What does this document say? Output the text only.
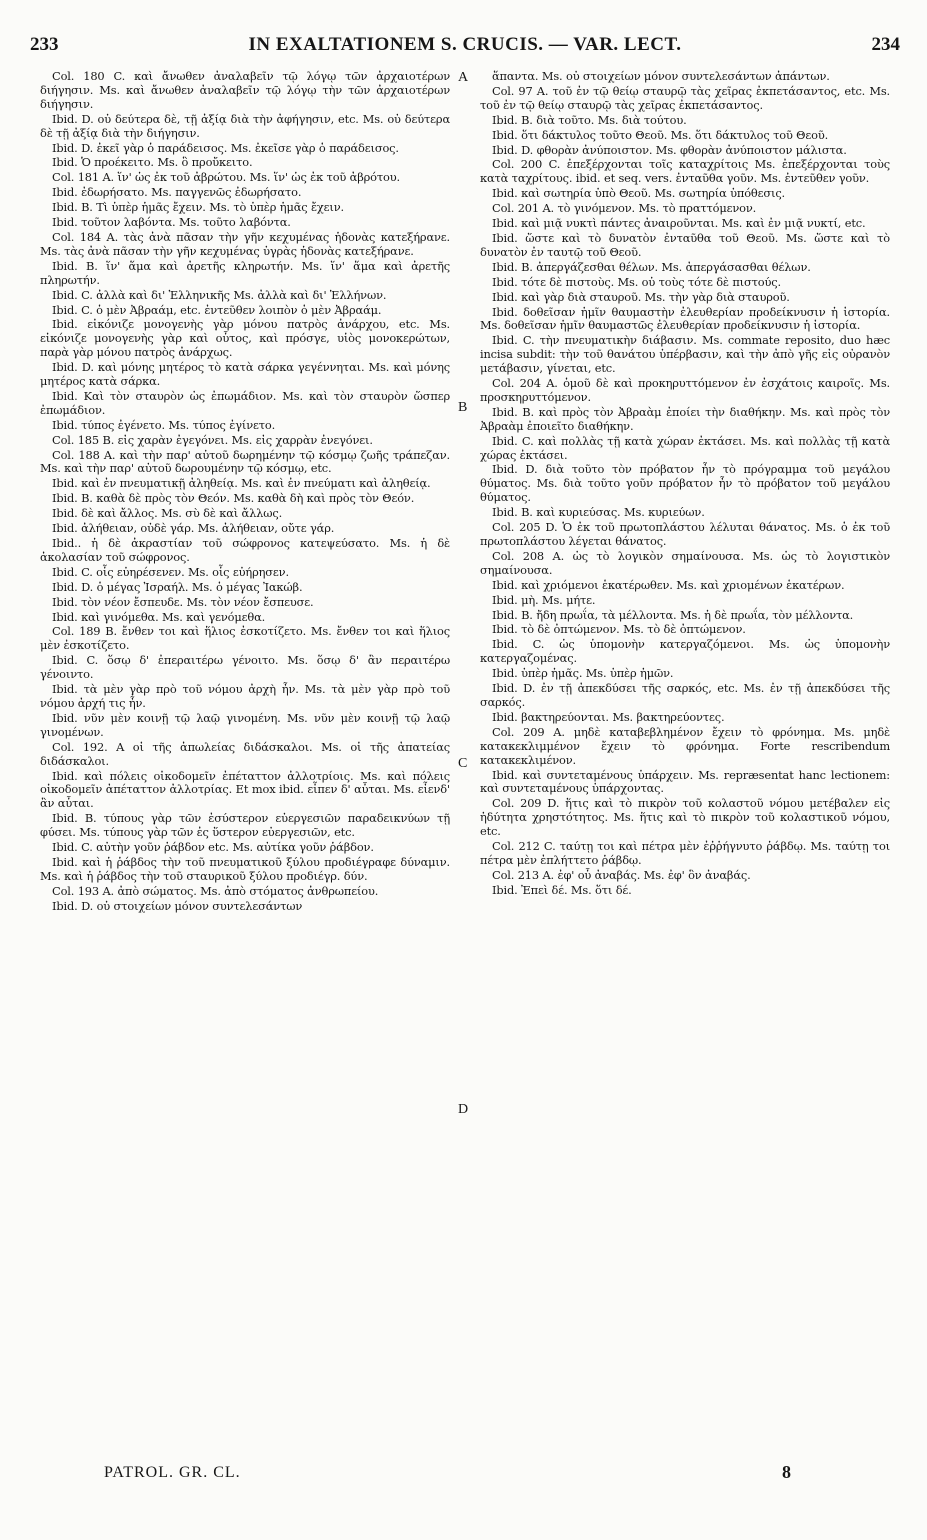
233	IN EXALTATIONEM S. CRUCIS. — VAR. LECT.	234

Col. 180 C. καὶ ἄνωθεν ἀναλαβεῖν τῷ λόγῳ τῶν ἀρχαιοτέρων διήγησιν. Ms. καὶ ἄνωθεν ἀναλαβεῖν τῷ λόγῳ τὴν τῶν ἀρχαιοτέρων διήγησιν.

Ibid. D. οὐ δεύτερα δὲ, τῇ ἀξίᾳ διὰ τὴν ἀφήγησιν, etc. Ms. οὐ δεύτερα δὲ τῇ ἀξίᾳ διὰ τὴν διήγησιν.

Ibid. D. ἐκεῖ γὰρ ὁ παράδεισος. Ms. ἐκεῖσε γὰρ ὁ παράδεισος.

Ibid. Ὁ προέκειτο. Ms. ὃ προὔκειτο.

Col. 181 A. ἵν' ὡς ἐκ τοῦ ἀβρώτου. Ms. ἵν' ὡς ἐκ τοῦ ἀβρότου.

Ibid. ἐδωρήσατο. Ms. παγγενῶς ἐδωρήσατο.

Ibid. B. Τὶ ὑπὲρ ἡμᾶς ἔχειν. Ms. τὸ ὑπὲρ ἡμᾶς ἔχειν.

Ibid. τοῦτον λαβόντα. Ms. τοῦτο λαβόντα.

Col. 184 A. τὰς ἀνὰ πᾶσαν τὴν γῆν κεχυμένας ἡδονὰς κατεξήρανε. Ms. τὰς ἀνὰ πᾶσαν τὴν γῆν κεχυμένας ὑγρὰς ἡδονὰς κατεξήρανε.

Ibid. B. ἵν' ἅμα καὶ ἀρετῆς κληρωτήν. Ms. ἵν' ἅμα καὶ ἀρετῆς πληρωτήν.

Ibid. C. ἀλλὰ καὶ δι' Ἑλληνικῆς Ms. ἀλλὰ καὶ δι' Ἑλλήνων.

Ibid. C. ὁ μὲν Ἀβραάμ, etc. ἐντεῦθεν λοιπὸν ὁ μὲν Ἀβραάμ.

Ibid. εἰκόνιζε μονογενὴς γὰρ μόνου πατρὸς ἀνάρχου, etc. Ms. εἰκόνιζε μονογενὴς γὰρ καὶ οὗτος, καὶ πρόσγε, υἱὸς μονοκερώτων, παρὰ γὰρ μόνου πατρὸς ἀνάρχως.

Ibid. D. καὶ μόνης μητέρος τὸ κατὰ σάρκα γεγέννηται. Ms. καὶ μόνης μητέρος κατὰ σάρκα.

Ibid. Καὶ τὸν σταυρὸν ὡς ἐπωμάδιον. Ms. καὶ τὸν σταυρὸν ὥσπερ ἐπωμάδιον.

Ibid. τύπος ἐγένετο. Ms. τύπος ἐγίνετο.

Col. 185 B. εἰς χαρὰν ἐγεγόνει. Ms. εἰς χαρρὰν ἐνεγόνει.

Col. 188 A. καὶ τὴν παρ' αὐτοῦ δωρημένην τῷ κόσμῳ ζωῆς τράπεζαν. Ms. καὶ τὴν παρ' αὐτοῦ δωρουμένην τῷ κόσμῳ, etc.

Ibid. καὶ ἐν πνευματικῇ ἀληθείᾳ. Ms. καὶ ἐν πνεύματι καὶ ἀληθείᾳ.

Ibid. B. καθὰ δὲ πρὸς τὸν Θεόν. Ms. καθὰ δὴ καὶ πρὸς τὸν Θεόν.

Ibid. δὲ καὶ ἄλλος. Ms. σὺ δὲ καὶ ἄλλως.

Ibid. ἀλήθειαν, οὐδὲ γάρ. Ms. ἀλήθειαν, οὔτε γάρ.

Ibid.. ἡ δὲ ἀκραστίαν τοῦ σώφρονος κατεψεύσατο. Ms. ἡ δὲ ἀκολασίαν τοῦ σώφρονος.

Ibid. C. οἷς εὐηρέσενεν. Ms. οἷς εὐήρησεν.

Ibid. D. ὁ μέγας Ἰσραήλ. Ms. ὁ μέγας Ἰακώβ.

Ibid. τὸν νέον ἔσπευδε. Ms. τὸν νέον ἔσπευσε.

Ibid. καὶ γινόμεθα. Ms. καὶ γενόμεθα.

Col. 189 B. ἔνθεν τοι καὶ ἥλιος ἐσκοτίζετο. Ms. ἔνθεν τοι καὶ ἥλιος μὲν ἐσκοτίζετο.

Ibid. C. ὅσῳ δ' ἐπεραιτέρω γένοιτο. Ms. ὅσῳ δ' ἂν περαιτέρω γένοιντο.

Ibid. τὰ μὲν γὰρ πρὸ τοῦ νόμου ἀρχὴ ἦν. Ms. τὰ μὲν γὰρ πρὸ τοῦ νόμου ἀρχή τις ἦν.

Ibid. νῦν μὲν κοινῇ τῷ λαῷ γινομένη. Ms. νῦν μὲν κοινῇ τῷ λαῷ γινομένων.

Col. 192. A οἱ τῆς ἀπωλείας διδάσκαλοι. Ms. οἱ τῆς ἀπατείας διδάσκαλοι.

Ibid. καὶ πόλεις οἰκοδομεῖν ἐπέταττον ἀλλοτρίοις. Ms. καὶ πόλεις οἰκοδομεῖν ἀπέταττον ἀλλοτρίας. Et mox ibid. εἶπεν δ' αὖται. Ms. εἶενδ' ἂν αὖται.

Ibid. B. τύπους γὰρ τῶν ἐσύστερον εὐεργεσιῶν παραδεικνύων τῇ φύσει. Ms. τύπους γὰρ τῶν ἐς ὕστερον εὐεργεσιῶν, etc.

Ibid. C. αὐτὴν γοῦν ῥάβδον etc. Ms. αὐτίκα γοῦν ῥάβδον.

Ibid. καὶ ἡ ῥάβδος τὴν τοῦ πνευματικοῦ ξύλου προδιέγραφε δύναμιν. Ms. καὶ ἡ ῥάβδος τὴν τοῦ σταυρικοῦ ξύλου προδιέγρ. δύν.

Col. 193 A. ἀπὸ σώματος. Ms. ἀπὸ στόματος ἀνθρωπείου.

Ibid. D. οὐ στοιχείων μόνον συντελεσάντων

ἅπαντα. Ms. οὐ στοιχείων μόνον συντελεσάντων ἀπάντων.

Col. 97 A. τοῦ ἐν τῷ θείῳ σταυρῷ τὰς χεῖρας ἐκπετάσαντος, etc. Ms. τοῦ ἐν τῷ θείῳ σταυρῷ τὰς χεῖρας ἐκπετάσαντος.

Ibid. B. διὰ τοῦτο. Ms. διὰ τούτου.

Ibid. ὅτι δάκτυλος τοῦτο Θεοῦ. Ms. ὅτι δάκτυλος τοῦ Θεοῦ.

Ibid. D. φθορὰν ἀνύποιστον. Ms. φθορὰν ἀνύποιστον μάλιστα.

Col. 200 C. ἐπεξέρχονται τοῖς καταχρίτοις Ms. ἐπεξέρχονται τοὺς κατὰ ταχρίτους. ibid. et seq. vers. ἐνταῦθα γοῦν. Ms. ἐντεῦθεν γοῦν.

Ibid. καὶ σωτηρία ὑπὸ Θεοῦ. Ms. σωτηρία ὑπόθεσις.

Col. 201 A. τὸ γινόμενον. Ms. τὸ πραττόμενον.

Ibid. καὶ μιᾷ νυκτὶ πάντες ἀναιροῦνται. Ms. καὶ ἐν μιᾷ νυκτί, etc.

Ibid. ὥστε καὶ τὸ δυνατὸν ἐνταῦθα τοῦ Θεοῦ. Ms. ὥστε καὶ τὸ δυνατὸν ἐν ταυτῷ τοῦ Θεοῦ.

Ibid. B. ἀπεργάζεσθαι θέλων. Ms. ἀπεργάσασθαι θέλων.

Ibid. τότε δὲ πιστοὺς. Ms. οὐ τοὺς τότε δὲ πιστούς.

Ibid. καὶ γὰρ διὰ σταυροῦ. Ms. τὴν γὰρ διὰ σταυροῦ.

Ibid. δοθεῖσαν ἡμῖν θαυμαστὴν ἐλευθερίαν προδείκνυσιν ἡ ἱστορία. Ms. δοθεῖσαν ἡμῖν θαυμαστῶς ἐλευθερίαν προδείκνυσιν ἡ ἱστορία.

Ibid. C. τὴν πνευματικὴν διάβασιν. Ms. commate reposito, duo hæc incisa subdit: τὴν τοῦ θανάτου ὑπέρβασιν, καὶ τὴν ἀπὸ γῆς εἰς οὐρανὸν μετάβασιν, γίνεται, etc.

Col. 204 A. ὁμοῦ δὲ καὶ προκηρυττόμενον ἐν ἐσχάτοις καιροῖς. Ms. προσκηρυττόμενον.

Ibid. B. καὶ πρὸς τὸν Ἀβραὰμ ἐποίει τὴν διαθήκην. Ms. καὶ πρὸς τὸν Ἀβραὰμ ἐποιεῖτο διαθήκην.

Ibid. C. καὶ πολλὰς τῇ κατὰ χώραν ἐκτάσει. Ms. καὶ πολλὰς τῇ κατὰ χώρας ἐκτάσει.

Ibid. D. διὰ τοῦτο τὸν πρόβατον ἦν τὸ πρόγραμμα τοῦ μεγάλου θύματος. Ms. διὰ τοῦτο γοῦν πρόβατον ἦν τὸ πρόβατον τοῦ μεγάλου θύματος.

Ibid. B. καὶ κυριεύσας. Ms. κυριεύων.

Col. 205 D. Ὁ ἐκ τοῦ πρωτοπλάστου λέλυται θάνατος. Ms. ὁ ἐκ τοῦ πρωτοπλάστου λέγεται θάνατος.

Col. 208 A. ὡς τὸ λογικὸν σημαίνουσα. Ms. ὡς τὸ λογιστικὸν σημαίνουσα.

Ibid. καὶ χριόμενοι ἑκατέρωθεν. Ms. καὶ χριομένων ἑκατέρων.

Ibid. μὴ. Ms. μήτε.

Ibid. B. ἤδη πρωΐα, τὰ μέλλοντα. Ms. ἡ δὲ πρωΐα, τὸν μέλλοντα.

Ibid. τὸ δὲ ὀπτώμενον. Ms. τὸ δὲ ὀπτώμενον.

Ibid. C. ὡς ὑπομονὴν κατεργαζόμενοι. Ms. ὡς ὑπομονὴν κατεργαζομένας.

Ibid. ὑπὲρ ἡμᾶς. Ms. ὑπὲρ ἡμῶν.

Ibid. D. ἐν τῇ ἀπεκδύσει τῆς σαρκός, etc. Ms. ἐν τῇ ἀπεκδύσει τῆς σαρκός.

Ibid. βακτηρεύονται. Ms. βακτηρεύοντες.

Col. 209 A. μηδὲ καταβεβλημένον ἔχειν τὸ φρόνημα. Ms. μηδὲ κατακεκλιμμένον ἔχειν τὸ φρόνημα. Forte rescribendum κατακεκλιμένον.

Ibid. καὶ συντεταμένους ὑπάρχειν. Ms. repræsentat hanc lectionem: καὶ συντεταμένους ὑπάρχοντας.

Col. 209 D. ἥτις καὶ τὸ πικρὸν τοῦ κολαστοῦ νόμου μετέβαλεν εἰς ἡδύτητα χρηστότητος. Ms. ἥτις καὶ τὸ πικρὸν τοῦ κολαστικοῦ νόμου, etc.

Col. 212 C. ταύτῃ τοι καὶ πέτρα μὲν ἐῤῥήγνυτο ῥάβδῳ. Ms. ταύτῃ τοι πέτρα μὲν ἐπλήττετο ῥάβδῳ.

Col. 213 A. ἐφ' οὗ ἀναβάς. Ms. ἐφ' ὃν ἀναβάς.

Ibid. Ἐπεὶ δέ. Ms. ὅτι δέ.

A
B
C
D
PATROL. GR. CL.	8
